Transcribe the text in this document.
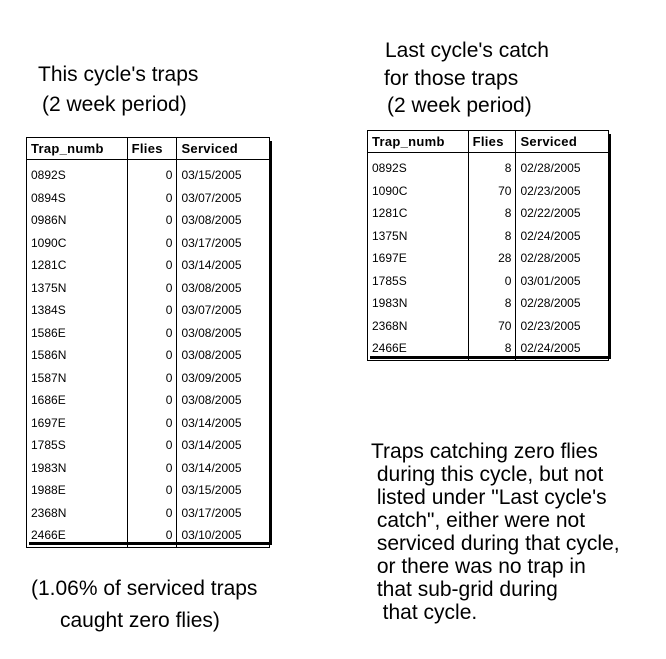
This cycle's traps
(2 week period)
Trap_numb	Flies	Serviced

0892S	0	03/15/2005
0894S	0	03/07/2005
0986N	0	03/08/2005
1090C	0	03/17/2005
1281C	0	03/14/2005
1375N	0	03/08/2005
1384S	0	03/07/2005
1586E	0	03/08/2005
1586N	0	03/08/2005
1587N	0	03/09/2005
1686E	0	03/08/2005
1697E	0	03/14/2005
1785S	0	03/14/2005
1983N	0	03/14/2005
1988E	0	03/15/2005
2368N	0	03/17/2005
2466E	0	03/10/2005
(1.06% of serviced traps
caught zero flies)
Last cycle's catch
for those traps
(2 week period)
Trap_numb	Flies	Serviced

0892S	8	02/28/2005
1090C	70	02/23/2005
1281C	8	02/22/2005
1375N	8	02/24/2005
1697E	28	02/28/2005
1785S	0	03/01/2005
1983N	8	02/28/2005
2368N	70	02/23/2005
2466E	8	02/24/2005
Traps catching zero flies
during this cycle, but not
listed under "Last cycle's
catch", either were not
serviced during that cycle,
or there was no trap in
that sub-grid during
that cycle.
